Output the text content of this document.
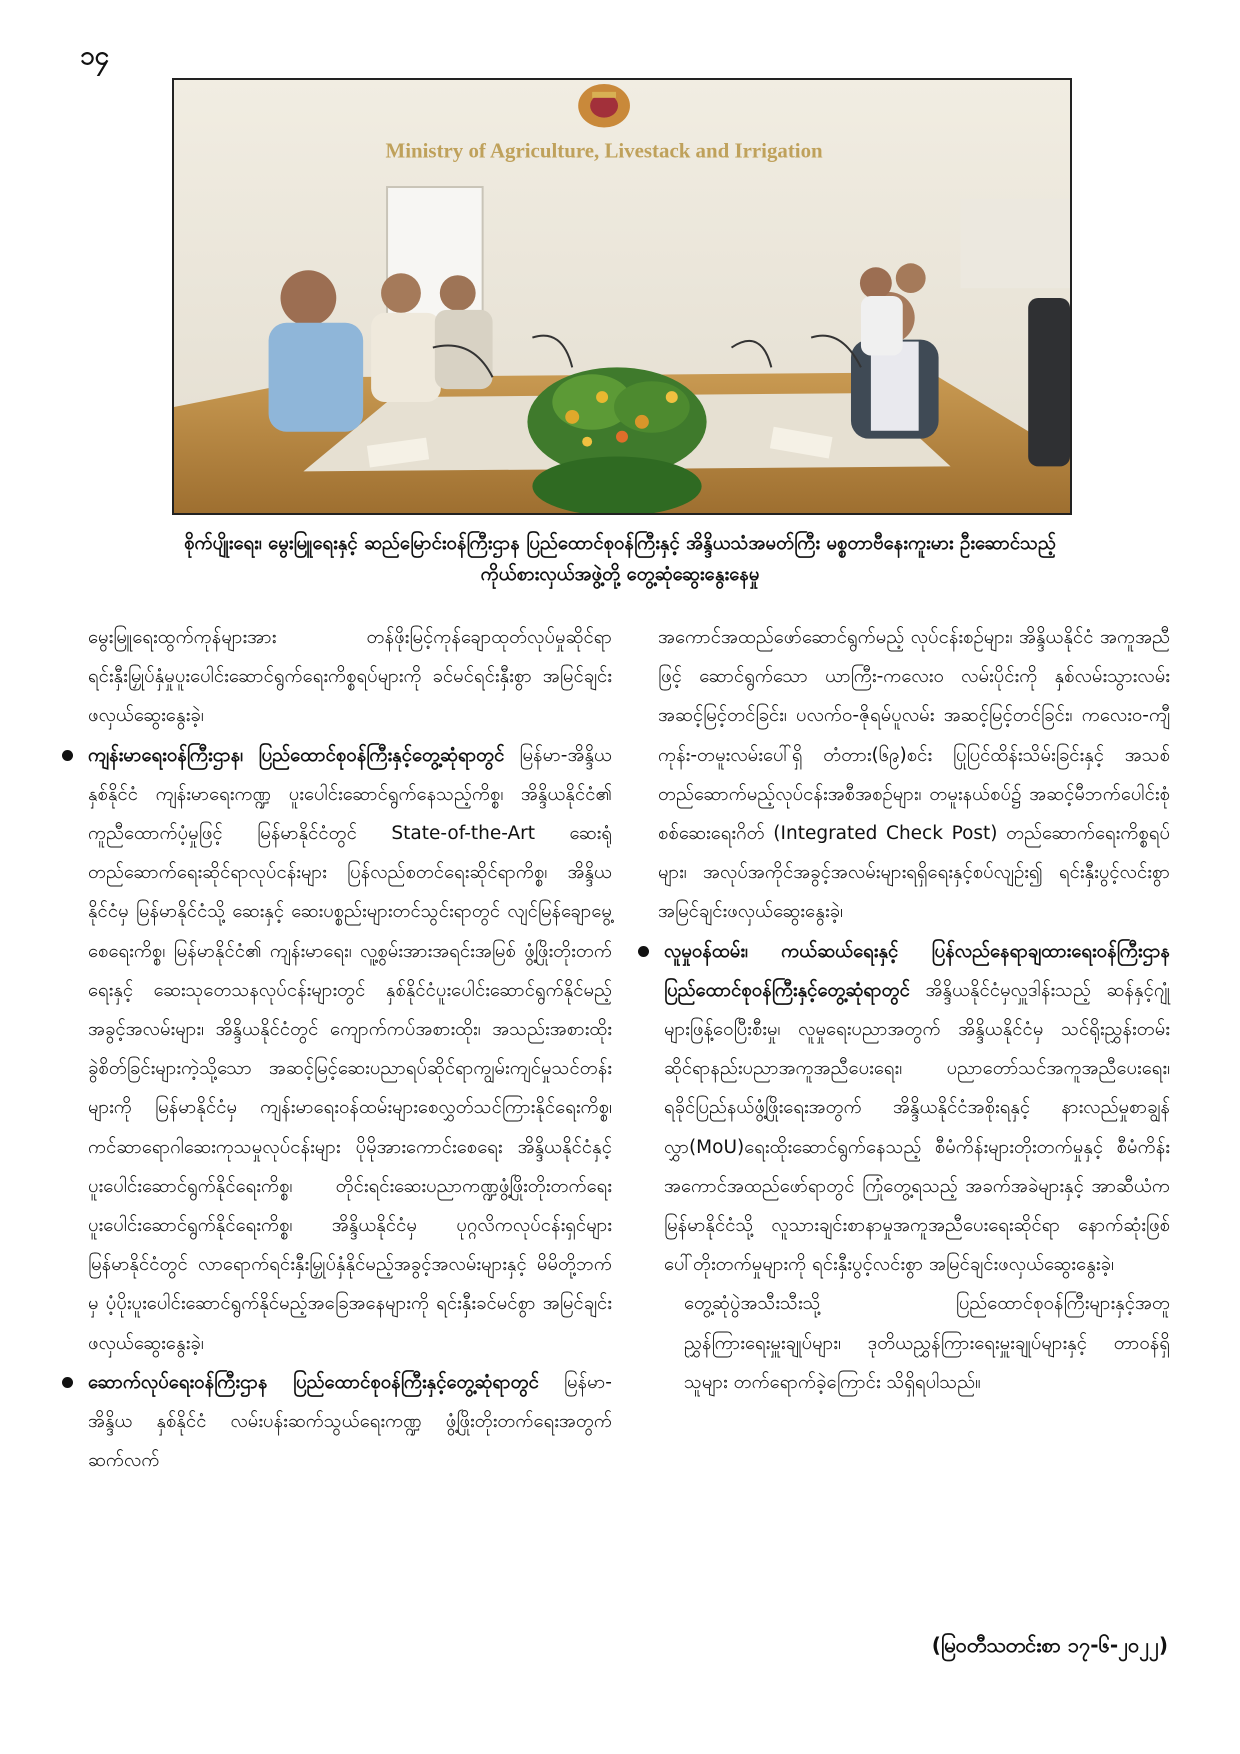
၁၄
Ministry of Agriculture, Livestack and Irrigation
စိုက်ပျိုးရေး၊ မွေးမြူရေးနှင့် ဆည်မြောင်းဝန်ကြီးဌာန ပြည်ထောင်စုဝန်ကြီးနှင့် အိန္ဒိယသံအမတ်ကြီး မစ္စတာဗီနေးကူးမား ဦးဆောင်သည့်
ကိုယ်စားလှယ်အဖွဲ့တို့ တွေ့ဆုံဆွေးနွေးနေမှု

မွေးမြူရေးထွက်ကုန်များအား တန်ဖိုးမြင့်ကုန်ချောထုတ်လုပ်မှုဆိုင်ရာ ရင်းနှီးမြှုပ်နှံမှုပူးပေါင်းဆောင်ရွက်ရေးကိစ္စရပ်များကို ခင်မင်ရင်းနှီးစွာ အမြင်ချင်းဖလှယ်ဆွေးနွေးခဲ့၊

ကျန်းမာရေးဝန်ကြီးဌာန၊ ပြည်ထောင်စုဝန်ကြီးနှင့်တွေ့ဆုံရာတွင် မြန်မာ-အိန္ဒိယ နှစ်နိုင်ငံ ကျန်းမာရေးကဏ္ဍ ပူးပေါင်းဆောင်ရွက်နေသည့်ကိစ္စ၊ အိန္ဒိယနိုင်ငံ၏ ကူညီထောက်ပံ့မှုဖြင့် မြန်မာနိုင်ငံတွင် State-of-the-Art ဆေးရုံတည်ဆောက်ရေးဆိုင်ရာလုပ်ငန်းများ ပြန်လည်စတင်ရေးဆိုင်ရာကိစ္စ၊ အိန္ဒိယနိုင်ငံမှ မြန်မာနိုင်ငံသို့ ဆေးနှင့် ဆေးပစ္စည်းများတင်သွင်းရာတွင် လျင်မြန်ချောမွေ့စေရေးကိစ္စ၊ မြန်မာနိုင်ငံ၏ ကျန်းမာရေး၊ လူ့စွမ်းအားအရင်းအမြစ် ဖွံ့ဖြိုးတိုးတက်ရေးနှင့် ဆေးသုတေသနလုပ်ငန်းများတွင် နှစ်နိုင်ငံပူးပေါင်းဆောင်ရွက်နိုင်မည့်အခွင့်အလမ်းများ၊ အိန္ဒိယနိုင်ငံတွင် ကျောက်ကပ်အစားထိုး၊ အသည်းအစားထိုးခွဲစိတ်ခြင်းများကဲ့သို့သော အဆင့်မြင့်ဆေးပညာရပ်ဆိုင်ရာကျွမ်းကျင်မှုသင်တန်းများကို မြန်မာနိုင်ငံမှ ကျန်းမာရေးဝန်ထမ်းများစေလွှတ်သင်ကြားနိုင်ရေးကိစ္စ၊ ကင်ဆာရောဂါဆေးကုသမှုလုပ်ငန်းများ ပိုမိုအားကောင်းစေရေး အိန္ဒိယနိုင်ငံနှင့် ပူးပေါင်းဆောင်ရွက်နိုင်ရေးကိစ္စ၊ တိုင်းရင်းဆေးပညာကဏ္ဍဖွံ့ဖြိုးတိုးတက်ရေး ပူးပေါင်းဆောင်ရွက်နိုင်ရေးကိစ္စ၊ အိန္ဒိယနိုင်ငံမှ ပုဂ္ဂလိကလုပ်ငန်းရှင်များ မြန်မာနိုင်ငံတွင် လာရောက်ရင်းနှီးမြှုပ်နှံနိုင်မည့်အခွင့်အလမ်းများနှင့် မိမိတို့ဘက်မှ ပံ့ပိုးပူးပေါင်းဆောင်ရွက်နိုင်မည့်အခြေအနေများကို ရင်းနှီးခင်မင်စွာ အမြင်ချင်းဖလှယ်ဆွေးနွေးခဲ့၊
ဆောက်လုပ်ရေးဝန်ကြီးဌာန ပြည်ထောင်စုဝန်ကြီးနှင့်တွေ့ဆုံရာတွင် မြန်မာ-အိန္ဒိယ နှစ်နိုင်ငံ လမ်းပန်းဆက်သွယ်ရေးကဏ္ဍ ဖွံ့ဖြိုးတိုးတက်ရေးအတွက် ဆက်လက်

အကောင်အထည်ဖော်ဆောင်ရွက်မည့် လုပ်ငန်းစဉ်များ၊ အိန္ဒိယနိုင်ငံ အကူအညီဖြင့် ဆောင်ရွက်သော ယာကြီး-ကလေးဝ လမ်းပိုင်းကို နှစ်လမ်းသွားလမ်း အဆင့်မြင့်တင်ခြင်း၊ ပလက်ဝ-ဇိုရမ်ပူလမ်း အဆင့်မြင့်တင်ခြင်း၊ ကလေးဝ-ကျီကုန်း-တမူးလမ်းပေါ်ရှိ တံတား(၆၉)စင်း ပြုပြင်ထိန်းသိမ်းခြင်းနှင့် အသစ်တည်ဆောက်မည့်လုပ်ငန်းအစီအစဉ်များ၊ တမူးနယ်စပ်၌ အဆင့်မီဘက်ပေါင်းစုံစစ်ဆေးရေးဂိတ် (Integrated Check Post) တည်ဆောက်ရေးကိစ္စရပ်များ၊ အလုပ်အကိုင်အခွင့်အလမ်းများရရှိရေးနှင့်စပ်လျဉ်း၍ ရင်းနှီးပွင့်လင်းစွာအမြင်ချင်းဖလှယ်ဆွေးနွေးခဲ့၊

လူမှုဝန်ထမ်း၊ ကယ်ဆယ်ရေးနှင့် ပြန်လည်နေရာချထားရေးဝန်ကြီးဌာန ပြည်ထောင်စုဝန်ကြီးနှင့်တွေ့ဆုံရာတွင် အိန္ဒိယနိုင်ငံမှလှူဒါန်းသည့် ဆန်နှင့်ဂျုံများဖြန့်ဝေပြီးစီးမှု၊ လူမှုရေးပညာအတွက် အိန္ဒိယနိုင်ငံမှ သင်ရိုးညွှန်းတမ်းဆိုင်ရာနည်းပညာအကူအညီပေးရေး၊ ပညာတော်သင်အကူအညီပေးရေး၊ ရခိုင်ပြည်နယ်ဖွံ့ဖြိုးရေးအတွက် အိန္ဒိယနိုင်ငံအစိုးရနှင့် နားလည်မှုစာချွန်လွှာ(MoU)ရေးထိုးဆောင်ရွက်နေသည့် စီမံကိန်းများတိုးတက်မှုနှင့် စီမံကိန်းအကောင်အထည်ဖော်ရာတွင် ကြုံတွေ့ရသည့် အခက်အခဲများနှင့် အာဆီယံက မြန်မာနိုင်ငံသို့ လူသားချင်းစာနာမှုအကူအညီပေးရေးဆိုင်ရာ နောက်ဆုံးဖြစ်ပေါ်တိုးတက်မှုများကို ရင်းနှီးပွင့်လင်းစွာ အမြင်ချင်းဖလှယ်ဆွေးနွေးခဲ့၊

တွေ့ဆုံပွဲအသီးသီးသို့ ပြည်ထောင်စုဝန်ကြီးများနှင့်အတူ ညွှန်ကြားရေးမှူးချုပ်များ၊ ဒုတိယညွှန်ကြားရေးမှူးချုပ်များနှင့် တာဝန်ရှိသူများ တက်ရောက်ခဲ့ကြောင်း သိရှိရပါသည်။

(မြဝတီသတင်းစာ ၁၇-၆-၂၀၂၂)
